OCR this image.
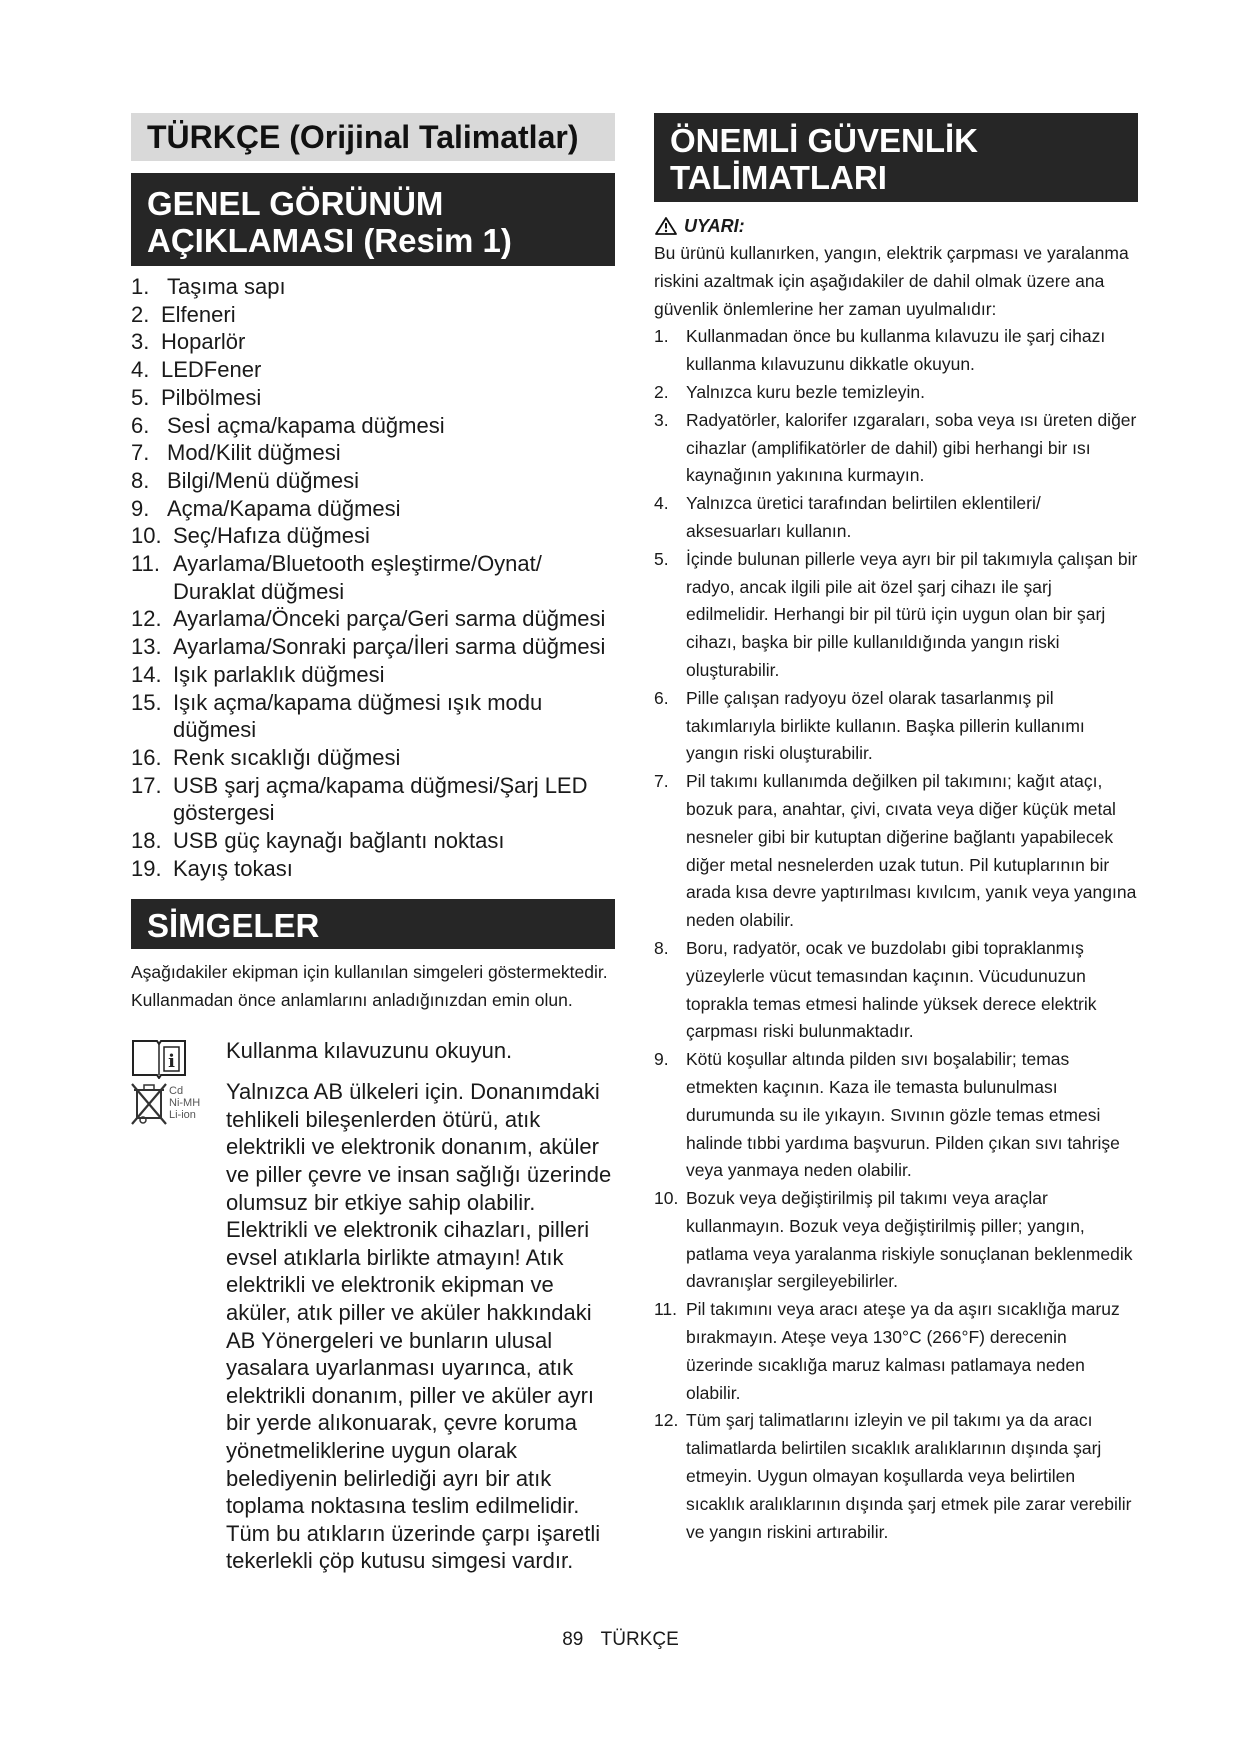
TÜRKÇE (Orijinal Talimatlar)
GENEL GÖRÜNÜM
AÇIKLAMASI (Resim 1)
1. Taşıma sapı
2. Elfeneri
3. Hoparlör
4. LEDFener
5. Pilbölmesi
6. Sesİ açma/kapama düğmesi
7. Mod/Kilit düğmesi
8. Bilgi/Menü düğmesi
9. Açma/Kapama düğmesi
10. Seç/Hafıza düğmesi
11. Ayarlama/Bluetooth eşleştirme/Oynat/ Duraklat düğmesi
12. Ayarlama/Önceki parça/Geri sarma düğmesi
13. Ayarlama/Sonraki parça/İleri sarma düğmesi
14. Işık parlaklık düğmesi
15. Işık açma/kapama düğmesi ışık modu düğmesi
16. Renk sıcaklığı düğmesi
17. USB şarj açma/kapama düğmesi/Şarj LED göstergesi
18. USB güç kaynağı bağlantı noktası
19. Kayış tokası
SİMGELER

Aşağıdakiler ekipman için kullanılan simgeleri göstermektedir. Kullanmadan önce anlamlarını anladığınızdan emin olun.

i Kullanma kılavuzunu okuyun.
Cd
Ni-MH
Li-ion
Yalnızca AB ülkeleri için. Donanımdaki tehlikeli bileşenlerden ötürü, atık elektrikli ve elektronik donanım, aküler ve piller çevre ve insan sağlığı üzerinde olumsuz bir etkiye sahip olabilir. Elektrikli ve elektronik cihazları, pilleri evsel atıklarla birlikte atmayın! Atık elektrikli ve elektronik ekipman ve aküler, atık piller ve aküler hakkındaki AB Yönergeleri ve bunların ulusal yasalara uyarlanması uyarınca, atık elektrikli donanım, piller ve aküler ayrı bir yerde alıkonuarak, çevre koruma yönetmeliklerine uygun olarak belediyenin belirlediği ayrı bir atık toplama noktasına teslim edilmelidir. Tüm bu atıkların üzerinde çarpı işaretli tekerlekli çöp kutusu simgesi vardır.
ÖNEMLİ GÜVENLİK
TALİMATLARI
UYARI:

Bu ürünü kullanırken, yangın, elektrik çarpması ve yaralanma riskini azaltmak için aşağıdakiler de dahil olmak üzere ana güvenlik önlemlerine her zaman uyulmalıdır:

1. Kullanmadan önce bu kullanma kılavuzu ile şarj cihazı kullanma kılavuzunu dikkatle okuyun.
2. Yalnızca kuru bezle temizleyin.
3. Radyatörler, kalorifer ızgaraları, soba veya ısı üreten diğer cihazlar (amplifikatörler de dahil) gibi herhangi bir ısı kaynağının yakınına kurmayın.
4. Yalnızca üretici tarafından belirtilen eklentileri/ aksesuarları kullanın.
5. İçinde bulunan pillerle veya ayrı bir pil takımıyla çalışan bir radyo, ancak ilgili pile ait özel şarj cihazı ile şarj edilmelidir. Herhangi bir pil türü için uygun olan bir şarj cihazı, başka bir pille kullanıldığında yangın riski oluşturabilir.
6. Pille çalışan radyoyu özel olarak tasarlanmış pil takımlarıyla birlikte kullanın. Başka pillerin kullanımı yangın riski oluşturabilir.
7. Pil takımı kullanımda değilken pil takımını; kağıt ataçı, bozuk para, anahtar, çivi, cıvata veya diğer küçük metal nesneler gibi bir kutuptan diğerine bağlantı yapabilecek diğer metal nesnelerden uzak tutun. Pil kutuplarının bir arada kısa devre yaptırılması kıvılcım, yanık veya yangına neden olabilir.
8. Boru, radyatör, ocak ve buzdolabı gibi topraklanmış yüzeylerle vücut temasından kaçının. Vücudunuzun toprakla temas etmesi halinde yüksek derece elektrik çarpması riski bulunmaktadır.
9. Kötü koşullar altında pilden sıvı boşalabilir; temas etmekten kaçının. Kaza ile temasta bulunulması durumunda su ile yıkayın. Sıvının gözle temas etmesi halinde tıbbi yardıma başvurun. Pilden çıkan sıvı tahrişe veya yanmaya neden olabilir.
10. Bozuk veya değiştirilmiş pil takımı veya araçlar kullanmayın. Bozuk veya değiştirilmiş piller; yangın, patlama veya yaralanma riskiyle sonuçlanan beklenmedik davranışlar sergileyebilirler.
11. Pil takımını veya aracı ateşe ya da aşırı sıcaklığa maruz bırakmayın. Ateşe veya 130°C (266°F) derecenin üzerinde sıcaklığa maruz kalması patlamaya neden olabilir.
12. Tüm şarj talimatlarını izleyin ve pil takımı ya da aracı talimatlarda belirtilen sıcaklık aralıklarının dışında şarj etmeyin. Uygun olmayan koşullarda veya belirtilen sıcaklık aralıklarının dışında şarj etmek pile zarar verebilir ve yangın riskini artırabilir.
89 TÜRKÇE
